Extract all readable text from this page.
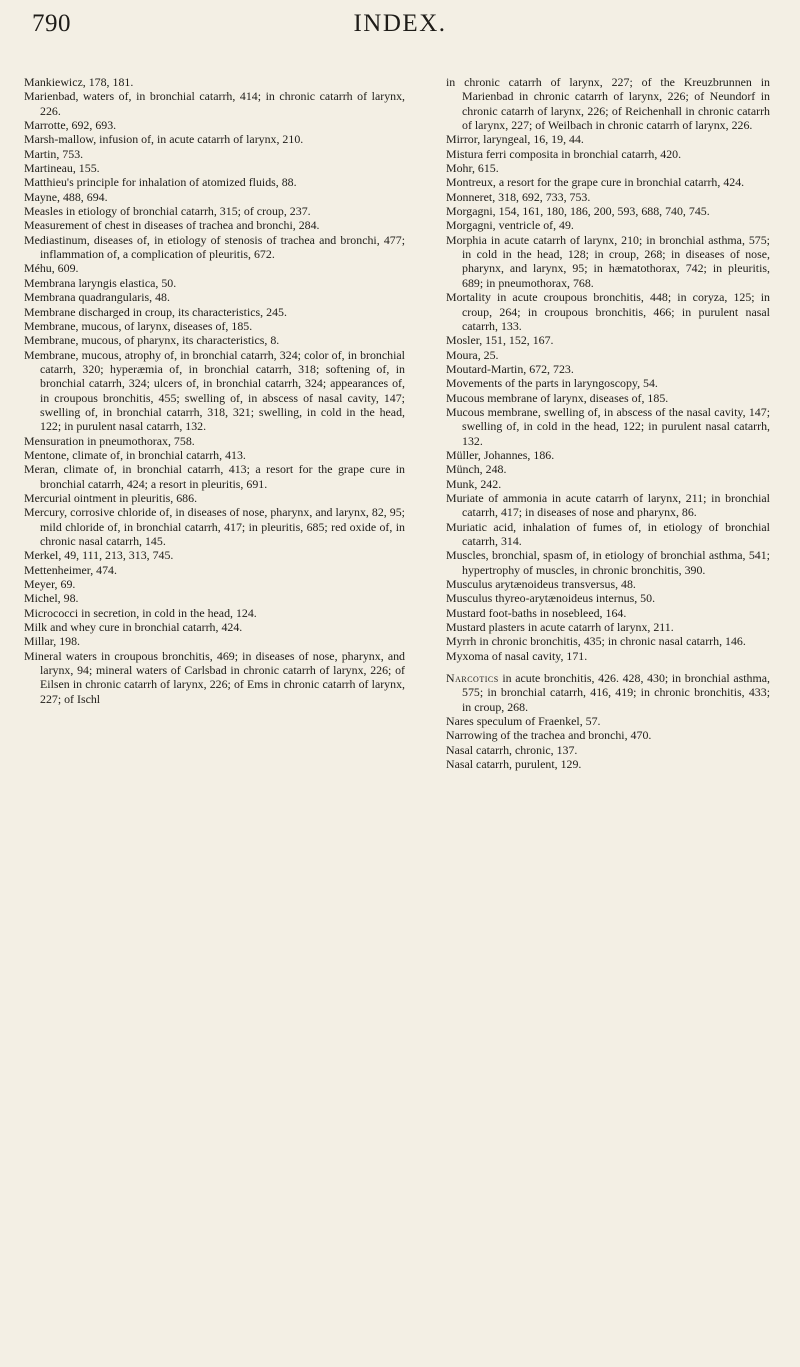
790	INDEX.

Mankiewicz, 178, 181.

Marienbad, waters of, in bronchial catarrh, 414; in chronic catarrh of larynx, 226.

Marrotte, 692, 693.

Marsh-mallow, infusion of, in acute catarrh of larynx, 210.

Martin, 753.

Martineau, 155.

Matthieu's principle for inhalation of atomized fluids, 88.

Mayne, 488, 694.

Measles in etiology of bronchial catarrh, 315; of croup, 237.

Measurement of chest in diseases of trachea and bronchi, 284.

Mediastinum, diseases of, in etiology of stenosis of trachea and bronchi, 477; inflammation of, a complication of pleuritis, 672.

Méhu, 609.

Membrana laryngis elastica, 50.

Membrana quadrangularis, 48.

Membrane discharged in croup, its characteristics, 245.

Membrane, mucous, of larynx, diseases of, 185.

Membrane, mucous, of pharynx, its characteristics, 8.

Membrane, mucous, atrophy of, in bronchial catarrh, 324; color of, in bronchial catarrh, 320; hyperæmia of, in bronchial catarrh, 318; softening of, in bronchial catarrh, 324; ulcers of, in bronchial catarrh, 324; appearances of, in croupous bronchitis, 455; swelling of, in abscess of nasal cavity, 147; swelling of, in bronchial catarrh, 318, 321; swelling, in cold in the head, 122; in purulent nasal catarrh, 132.

Mensuration in pneumothorax, 758.

Mentone, climate of, in bronchial catarrh, 413.

Meran, climate of, in bronchial catarrh, 413; a resort for the grape cure in bronchial catarrh, 424; a resort in pleuritis, 691.

Mercurial ointment in pleuritis, 686.

Mercury, corrosive chloride of, in diseases of nose, pharynx, and larynx, 82, 95; mild chloride of, in bronchial catarrh, 417; in pleuritis, 685; red oxide of, in chronic nasal catarrh, 145.

Merkel, 49, 111, 213, 313, 745.

Mettenheimer, 474.

Meyer, 69.

Michel, 98.

Micrococci in secretion, in cold in the head, 124.

Milk and whey cure in bronchial catarrh, 424.

Millar, 198.

Mineral waters in croupous bronchitis, 469; in diseases of nose, pharynx, and larynx, 94; mineral waters of Carlsbad in chronic catarrh of larynx, 226; of Eilsen in chronic catarrh of larynx, 226; of Ems in chronic catarrh of larynx, 227; of Ischl

in chronic catarrh of larynx, 227; of the Kreuzbrunnen in Marienbad in chronic catarrh of larynx, 226; of Neundorf in chronic catarrh of larynx, 226; of Reichenhall in chronic catarrh of larynx, 227; of Weilbach in chronic catarrh of larynx, 226.

Mirror, laryngeal, 16, 19, 44.

Mistura ferri composita in bronchial catarrh, 420.

Mohr, 615.

Montreux, a resort for the grape cure in bronchial catarrh, 424.

Monneret, 318, 692, 733, 753.

Morgagni, 154, 161, 180, 186, 200, 593, 688, 740, 745.

Morgagni, ventricle of, 49.

Morphia in acute catarrh of larynx, 210; in bronchial asthma, 575; in cold in the head, 128; in croup, 268; in diseases of nose, pharynx, and larynx, 95; in hæmatothorax, 742; in pleuritis, 689; in pneumothorax, 768.

Mortality in acute croupous bronchitis, 448; in coryza, 125; in croup, 264; in croupous bronchitis, 466; in purulent nasal catarrh, 133.

Mosler, 151, 152, 167.

Moura, 25.

Moutard-Martin, 672, 723.

Movements of the parts in laryngoscopy, 54.

Mucous membrane of larynx, diseases of, 185.

Mucous membrane, swelling of, in abscess of the nasal cavity, 147; swelling of, in cold in the head, 122; in purulent nasal catarrh, 132.

Müller, Johannes, 186.

Münch, 248.

Munk, 242.

Muriate of ammonia in acute catarrh of larynx, 211; in bronchial catarrh, 417; in diseases of nose and pharynx, 86.

Muriatic acid, inhalation of fumes of, in etiology of bronchial catarrh, 314.

Muscles, bronchial, spasm of, in etiology of bronchial asthma, 541; hypertrophy of muscles, in chronic bronchitis, 390.

Musculus arytænoideus transversus, 48.

Musculus thyreo-arytænoideus internus, 50.

Mustard foot-baths in nosebleed, 164.

Mustard plasters in acute catarrh of larynx, 211.

Myrrh in chronic bronchitis, 435; in chronic nasal catarrh, 146.

Myxoma of nasal cavity, 171.

Narcotics in acute bronchitis, 426. 428, 430; in bronchial asthma, 575; in bronchial catarrh, 416, 419; in chronic bronchitis, 433; in croup, 268.

Nares speculum of Fraenkel, 57.

Narrowing of the trachea and bronchi, 470.

Nasal catarrh, chronic, 137.

Nasal catarrh, purulent, 129.
